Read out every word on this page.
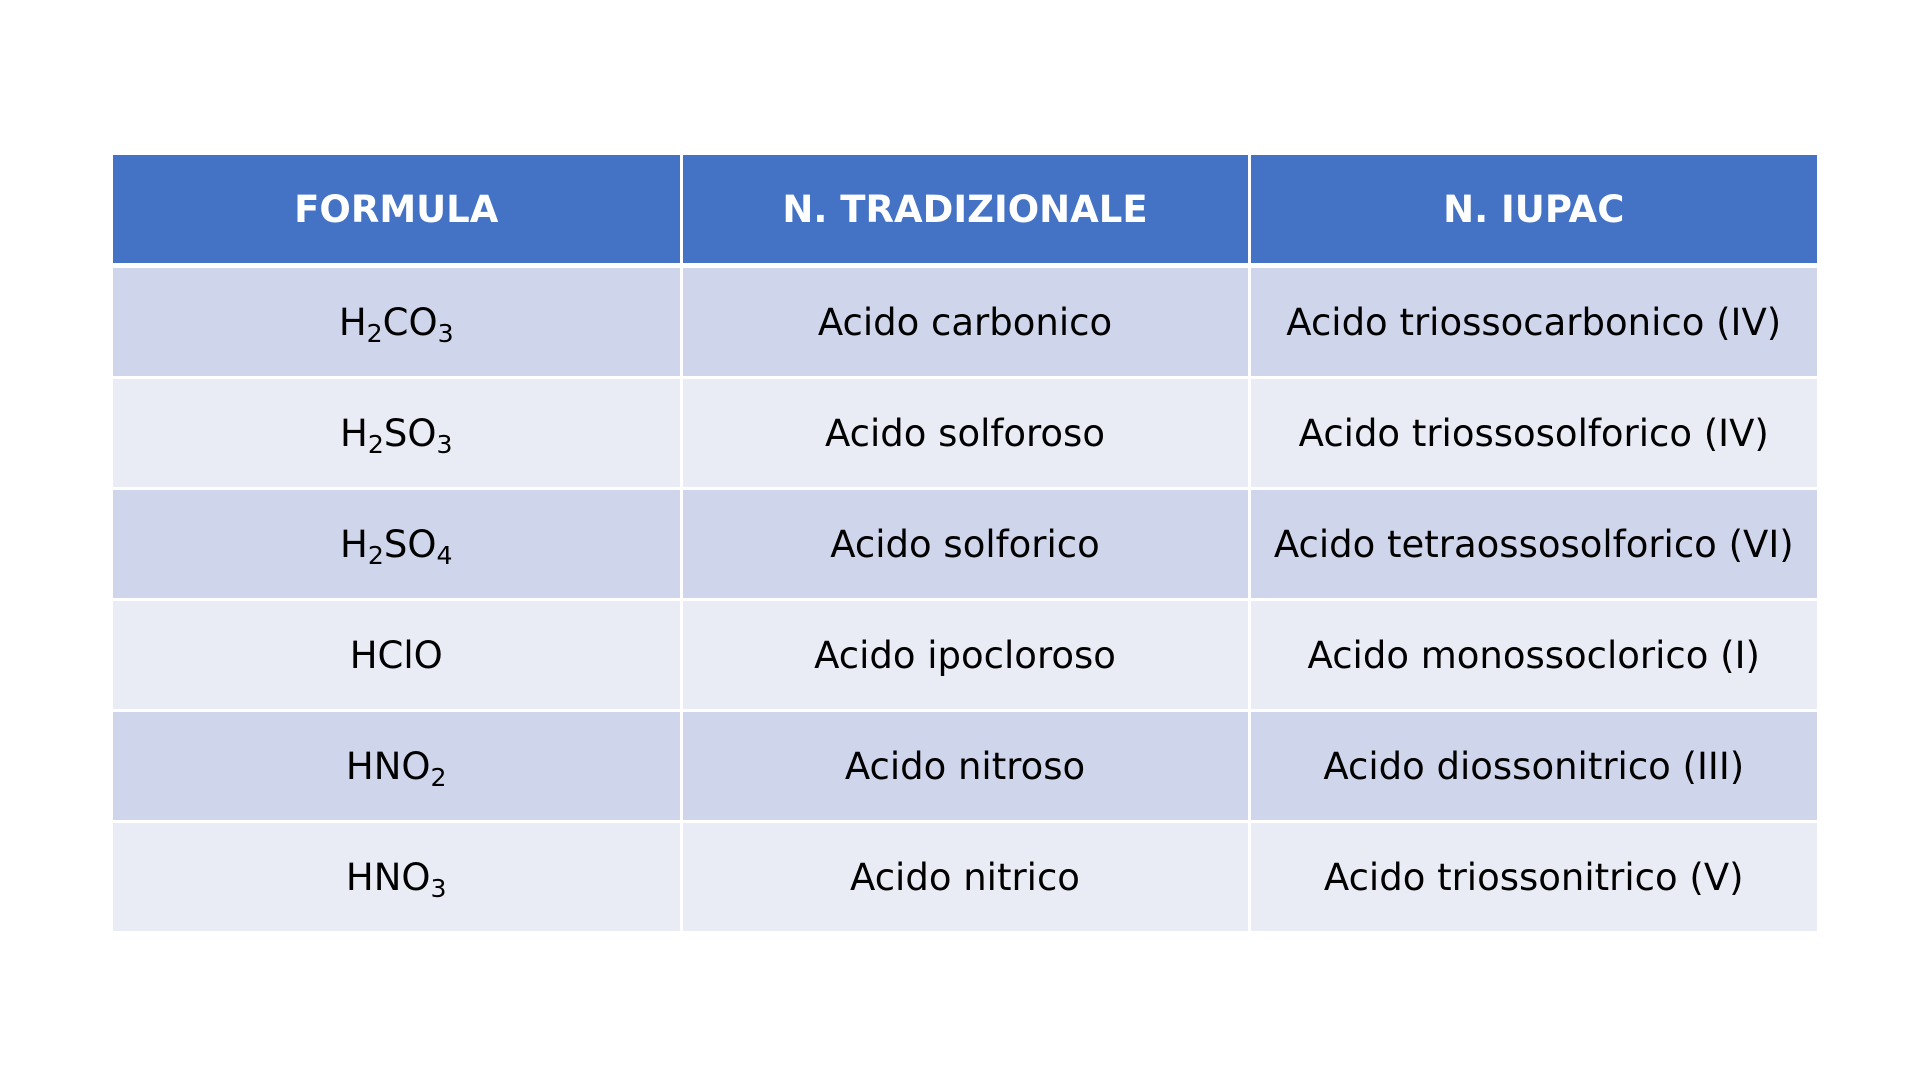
FORMULA	N. TRADIZIONALE	N. IUPAC
$H_2CO_3$	Acido carbonico	Acido triossocarbonico (IV)
$H_2SO_3$	Acido solforoso	Acido triossosolforico (IV)
$H_2SO_4$	Acido solforico	Acido tetraossosolforico (VI)
HClO	Acido ipocloroso	Acido monossoclorico (I)
$HNO_2$	Acido nitroso	Acido diossonitrico (III)
$HNO_3$	Acido nitrico	Acido triossonitrico (V)
